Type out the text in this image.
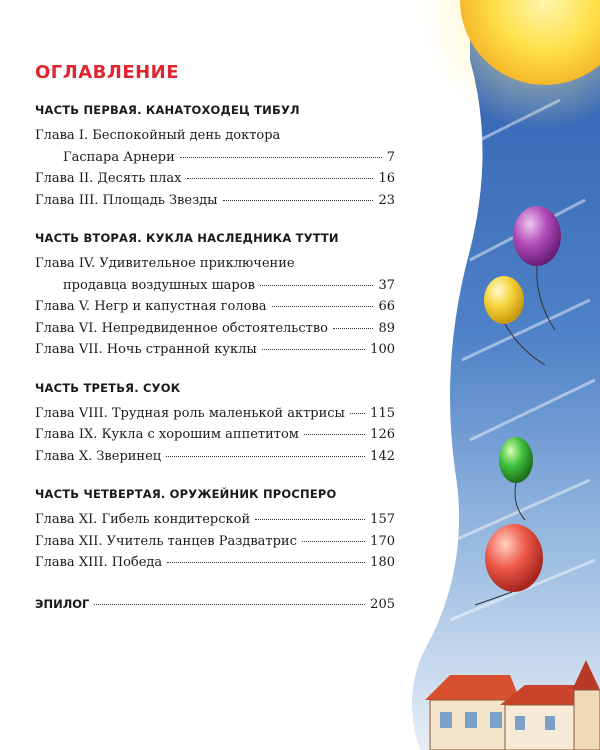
ОГЛАВЛЕНИЕ
ЧАСТЬ ПЕРВАЯ. КАНАТОХОДЕЦ ТИБУЛ
Глава I. Беспокойный день доктора
Гаспара Арнери	7
Глава II. Десять плах	16
Глава III. Площадь Звезды	23
ЧАСТЬ ВТОРАЯ. КУКЛА НАСЛЕДНИКА ТУТТИ
Глава IV. Удивительное приключение
продавца воздушных шаров	37
Глава V. Негр и капустная голова	66
Глава VI. Непредвиденное обстоятельство	89
Глава VII. Ночь странной куклы	100
ЧАСТЬ ТРЕТЬЯ. СУОК
Глава VIII. Трудная роль маленькой актрисы 115
Глава IX. Кукла с хорошим аппетитом	126
Глава X. Зверинец	142
ЧАСТЬ ЧЕТВЕРТАЯ. ОРУЖЕЙНИК ПРОСПЕРО
Глава XI. Гибель кондитерской	157
Глава XII. Учитель танцев Раздватрис	170
Глава XIII. Победа	180
ЭПИЛОГ	205
